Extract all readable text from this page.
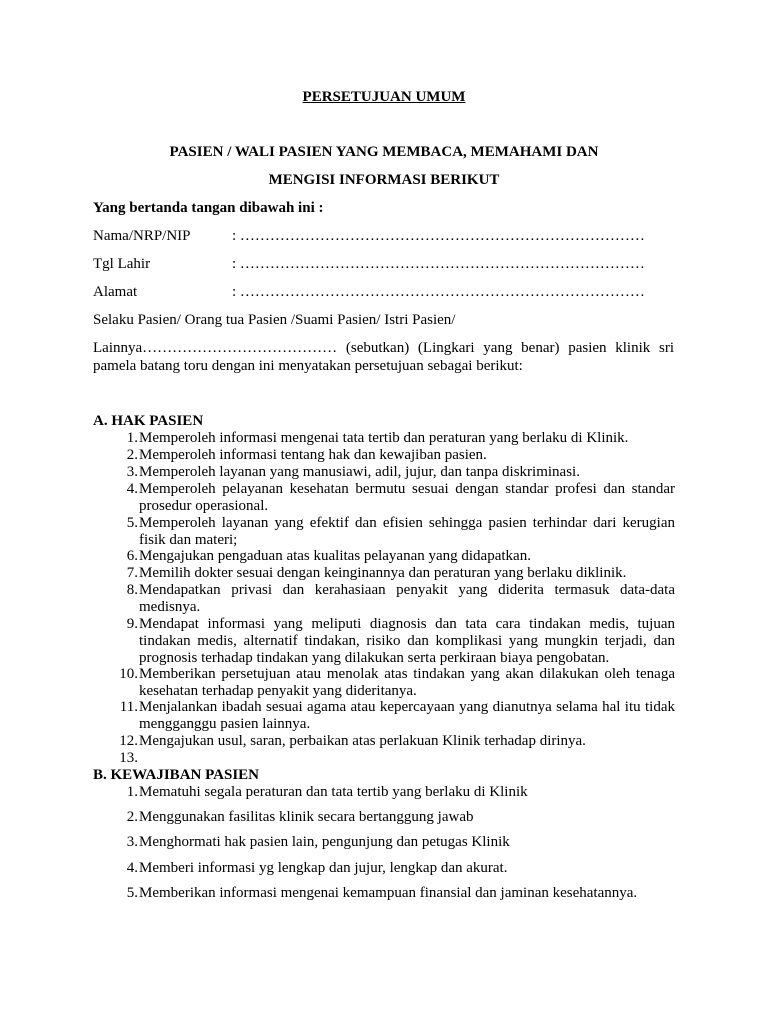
PERSETUJUAN UMUM
PASIEN / WALI PASIEN YANG MEMBACA, MEMAHAMI DAN
MENGISI INFORMASI BERIKUT
Yang bertanda tangan dibawah ini :
Nama/NRP/NIP	: ………………………………………………………………………
Tgl Lahir	: ………………………………………………………………………
Alamat	: ………………………………………………………………………
Selaku Pasien/ Orang tua Pasien /Suami Pasien/ Istri Pasien/
Lainnya………………………………… (sebutkan) (Lingkari yang benar) pasien klinik sri
pamela batang toru dengan ini menyatakan persetujuan sebagai berikut:
A. HAK PASIEN
1. Memperoleh informasi mengenai tata tertib dan peraturan yang berlaku di Klinik.
2. Memperoleh informasi tentang hak dan kewajiban pasien.
3. Memperoleh layanan yang manusiawi, adil, jujur, dan tanpa diskriminasi.
4. Memperoleh pelayanan kesehatan bermutu sesuai dengan standar profesi dan standar prosedur operasional.
5. Memperoleh layanan yang efektif dan efisien sehingga pasien terhindar dari kerugian fisik dan materi;
6. Mengajukan pengaduan atas kualitas pelayanan yang didapatkan.
7. Memilih dokter sesuai dengan keinginannya dan peraturan yang berlaku diklinik.
8. Mendapatkan privasi dan kerahasiaan penyakit yang diderita termasuk data-data medisnya.
9. Mendapat informasi yang meliputi diagnosis dan tata cara tindakan medis, tujuan tindakan medis, alternatif tindakan, risiko dan komplikasi yang mungkin terjadi, dan prognosis terhadap tindakan yang dilakukan serta perkiraan biaya pengobatan.
10. Memberikan persetujuan atau menolak atas tindakan yang akan dilakukan oleh tenaga kesehatan terhadap penyakit yang dideritanya.
11. Menjalankan ibadah sesuai agama atau kepercayaan yang dianutnya selama hal itu tidak mengganggu pasien lainnya.
12. Mengajukan usul, saran, perbaikan atas perlakuan Klinik terhadap dirinya.
13.
B. KEWAJIBAN PASIEN
1. Mematuhi segala peraturan dan tata tertib yang berlaku di Klinik
2. Menggunakan fasilitas klinik secara bertanggung jawab
3. Menghormati hak pasien lain, pengunjung dan petugas Klinik
4. Memberi informasi yg lengkap dan jujur, lengkap dan akurat.
5. Memberikan informasi mengenai kemampuan finansial dan jaminan kesehatannya.
